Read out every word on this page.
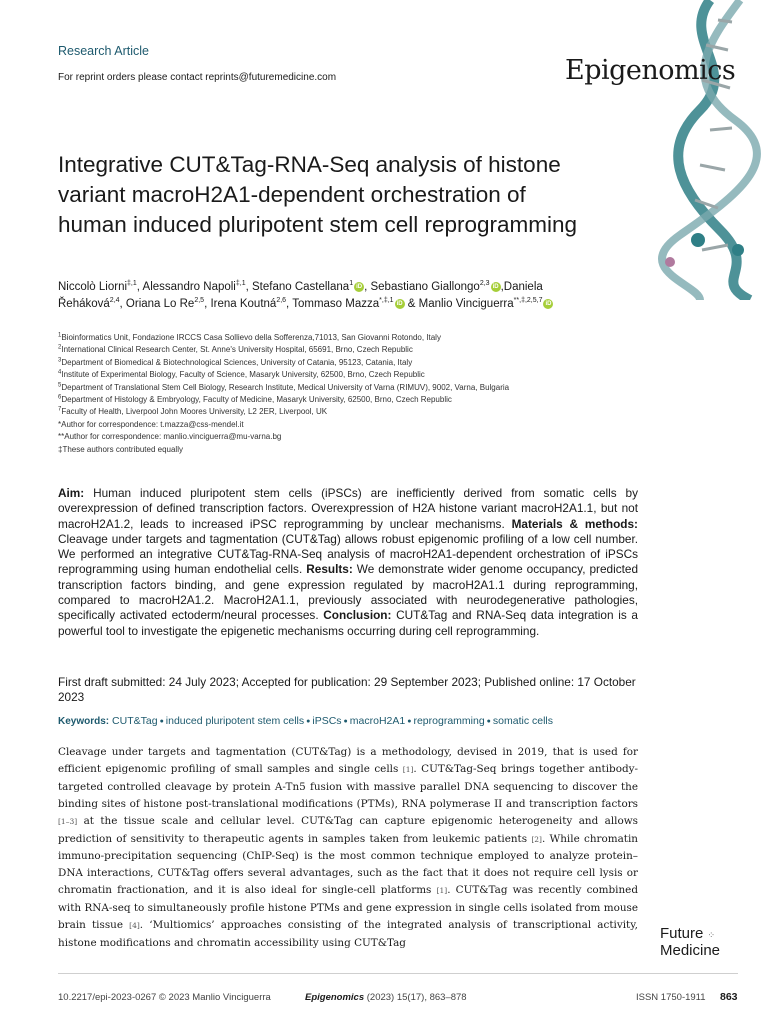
Research Article
For reprint orders please contact reprints@futuremedicine.com	Epigenomics
Integrative CUT&Tag-RNA-Seq analysis of histone variant macroH2A1-dependent orchestration of human induced pluripotent stem cell reprogramming
Niccolò Liorni$^{\ddagger,1}$, Alessandro Napoli$^{\ddagger,1}$, Stefano Castellana$^1$ iD , Sebastiano Giallongo$^{2,3}$ iD ,Daniela Řeháková$^{2,4}$, Oriana Lo Re$^{2,5}$, Irena Koutná$^{2,6}$, Tommaso Mazza$^{*,\ddagger,1}$ iD & Manlio Vinciguerra$^{**,\ddagger,2,5,7}$ iD
$^1$Bioinformatics Unit, Fondazione IRCCS Casa Sollievo della Sofferenza,71013, San Giovanni Rotondo, Italy
$^2$International Clinical Research Center, St. Anne's University Hospital, 65691, Brno, Czech Republic
$^3$Department of Biomedical & Biotechnological Sciences, University of Catania, 95123, Catania, Italy
$^4$Institute of Experimental Biology, Faculty of Science, Masaryk University, 62500, Brno, Czech Republic
$^5$Department of Translational Stem Cell Biology, Research Institute, Medical University of Varna (RIMUV), 9002, Varna, Bulgaria
$^6$Department of Histology & Embryology, Faculty of Medicine, Masaryk University, 62500, Brno, Czech Republic
$^7$Faculty of Health, Liverpool John Moores University, L2 2ER, Liverpool, UK
*Author for correspondence: t.mazza@css-mendel.it
**Author for correspondence: manlio.vinciguerra@mu-varna.bg
‡These authors contributed equally
Aim: Human induced pluripotent stem cells (iPSCs) are inefficiently derived from somatic cells by overexpression of defined transcription factors. Overexpression of H2A histone variant macroH2A1.1, but not macroH2A1.2, leads to increased iPSC reprogramming by unclear mechanisms. Materials & methods: Cleavage under targets and tagmentation (CUT&Tag) allows robust epigenomic profiling of a low cell number. We performed an integrative CUT&Tag-RNA-Seq analysis of macroH2A1-dependent orchestration of iPSCs reprogramming using human endothelial cells. Results: We demonstrate wider genome occupancy, predicted transcription factors binding, and gene expression regulated by macroH2A1.1 during reprogramming, compared to macroH2A1.2. MacroH2A1.1, previously associated with neurodegenerative pathologies, specifically activated ectoderm/neural processes. Conclusion: CUT&Tag and RNA-Seq data integration is a powerful tool to investigate the epigenetic mechanisms occurring during cell reprogramming.
First draft submitted: 24 July 2023; Accepted for publication: 29 September 2023; Published online: 17 October 2023
Keywords: CUT&Tag ● induced pluripotent stem cells ● iPSCs ● macroH2A1 ● reprogramming ● somatic cells
Cleavage under targets and tagmentation (CUT&Tag) is a methodology, devised in 2019, that is used for efficient epigenomic profiling of small samples and single cells [1]. CUT&Tag-Seq brings together antibody-targeted controlled cleavage by protein A-Tn5 fusion with massive parallel DNA sequencing to discover the binding sites of histone post-translational modifications (PTMs), RNA polymerase II and transcription factors [1–3] at the tissue scale and cellular level. CUT&Tag can capture epigenomic heterogeneity and allows prediction of sensitivity to therapeutic agents in samples taken from leukemic patients [2]. While chromatin immuno-precipitation sequencing (ChIP-Seq) is the most common technique employed to analyze protein–DNA interactions, CUT&Tag offers several advantages, such as the fact that it does not require cell lysis or chromatin fractionation, and it is also ideal for single-cell platforms [1]. CUT&Tag was recently combined with RNA-seq to simultaneously profile histone PTMs and gene expression in single cells isolated from mouse brain tissue [4]. ‘Multiomics’ approaches consisting of the integrated analysis of transcriptional activity, histone modifications and chromatin accessibility using CUT&Tag
Future ⁘
Medicine
10.2217/epi-2023-0267 © 2023 Manlio Vinciguerra	Epigenomics (2023) 15(17), 863–878	ISSN 1750-1911 863
